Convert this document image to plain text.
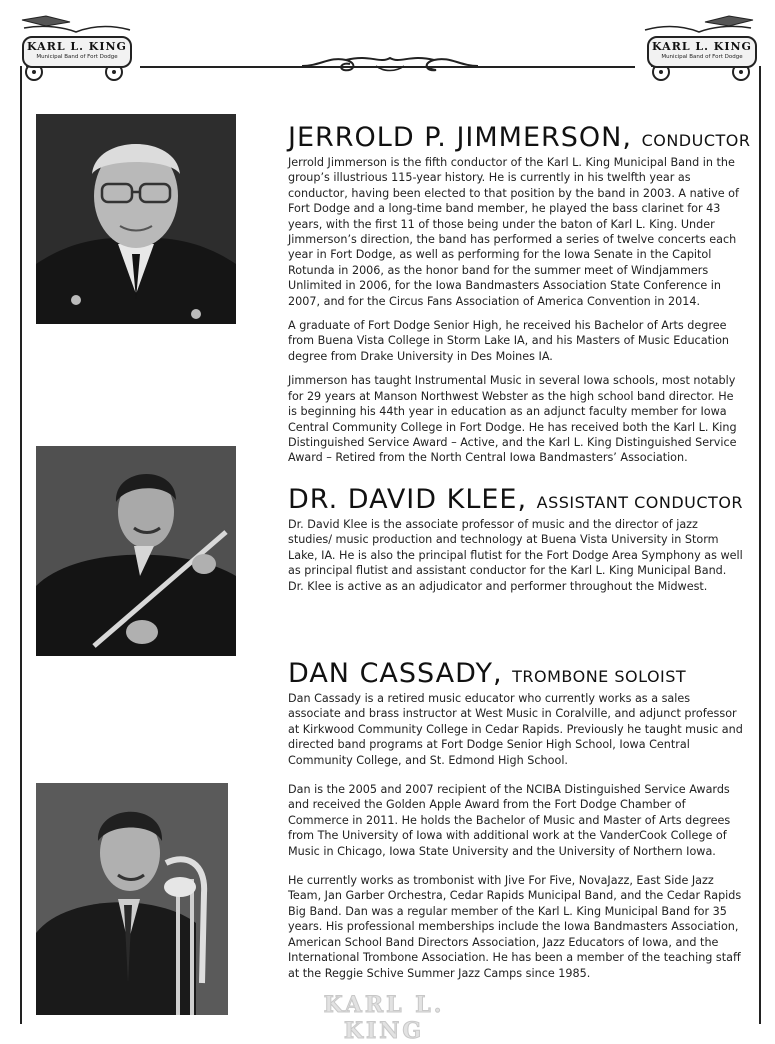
KARL L. KING
Municipal Band of Fort Dodge
KARL L. KING
Municipal Band of Fort Dodge
JERROLD P. JIMMERSON, CONDUCTOR

Jerrold Jimmerson is the fifth conductor of the Karl L. King Municipal Band in the group’s illustrious 115-year history. He is currently in his twelfth year as conductor, having been elected to that position by the band in 2003. A native of Fort Dodge and a long-time band member, he played the bass clarinet for 43 years, with the first 11 of those being under the baton of Karl L. King. Under Jimmerson’s direction, the band has performed a series of twelve concerts each year in Fort Dodge, as well as performing for the Iowa Senate in the Capitol Rotunda in 2006, as the honor band for the summer meet of Windjammers Unlimited in 2006, for the Iowa Bandmasters Association State Conference in 2007, and for the Circus Fans Association of America Convention in 2014.

A graduate of Fort Dodge Senior High, he received his Bachelor of Arts degree from Buena Vista College in Storm Lake IA, and his Masters of Music Education degree from Drake University in Des Moines IA.

Jimmerson has taught Instrumental Music in several Iowa schools, most notably for 29 years at Manson Northwest Webster as the high school band director. He is beginning his 44th year in education as an adjunct faculty member for Iowa Central Community College in Fort Dodge. He has received both the Karl L. King Distinguished Service Award – Active, and the Karl L. King Distinguished Service Award – Retired from the North Central Iowa Bandmasters’ Association.

DR. DAVID KLEE, ASSISTANT CONDUCTOR

Dr. David Klee is the associate professor of music and the director of jazz studies/ music production and technology at Buena Vista University in Storm Lake, IA. He is also the principal flutist for the Fort Dodge Area Symphony as well as principal flutist and assistant conductor for the Karl L. King Municipal Band. Dr. Klee is active as an adjudicator and performer throughout the Midwest.

DAN CASSADY, TROMBONE SOLOIST

Dan Cassady is a retired music educator who currently works as a sales associate and brass instructor at West Music in Coralville, and adjunct professor at Kirkwood Community College in Cedar Rapids. Previously he taught music and directed band programs at Fort Dodge Senior High School, Iowa Central Community College, and St. Edmond High School.

Dan is the 2005 and 2007 recipient of the NCIBA Distinguished Service Awards and received the Golden Apple Award from the Fort Dodge Chamber of Commerce in 2011. He holds the Bachelor of Music and Master of Arts degrees from The University of Iowa with additional work at the VanderCook College of Music in Chicago, Iowa State University and the University of Northern Iowa.

He currently works as trombonist with Jive For Five, NovaJazz, East Side Jazz Team, Jan Garber Orchestra, Cedar Rapids Municipal Band, and the Cedar Rapids Big Band. Dan was a regular member of the Karl L. King Municipal Band for 35 years. His professional memberships include the Iowa Bandmasters Association, American School Band Directors Association, Jazz Educators of Iowa, and the International Trombone Association. He has been a member of the teaching staff at the Reggie Schive Summer Jazz Camps since 1985.

KARL L. KING
